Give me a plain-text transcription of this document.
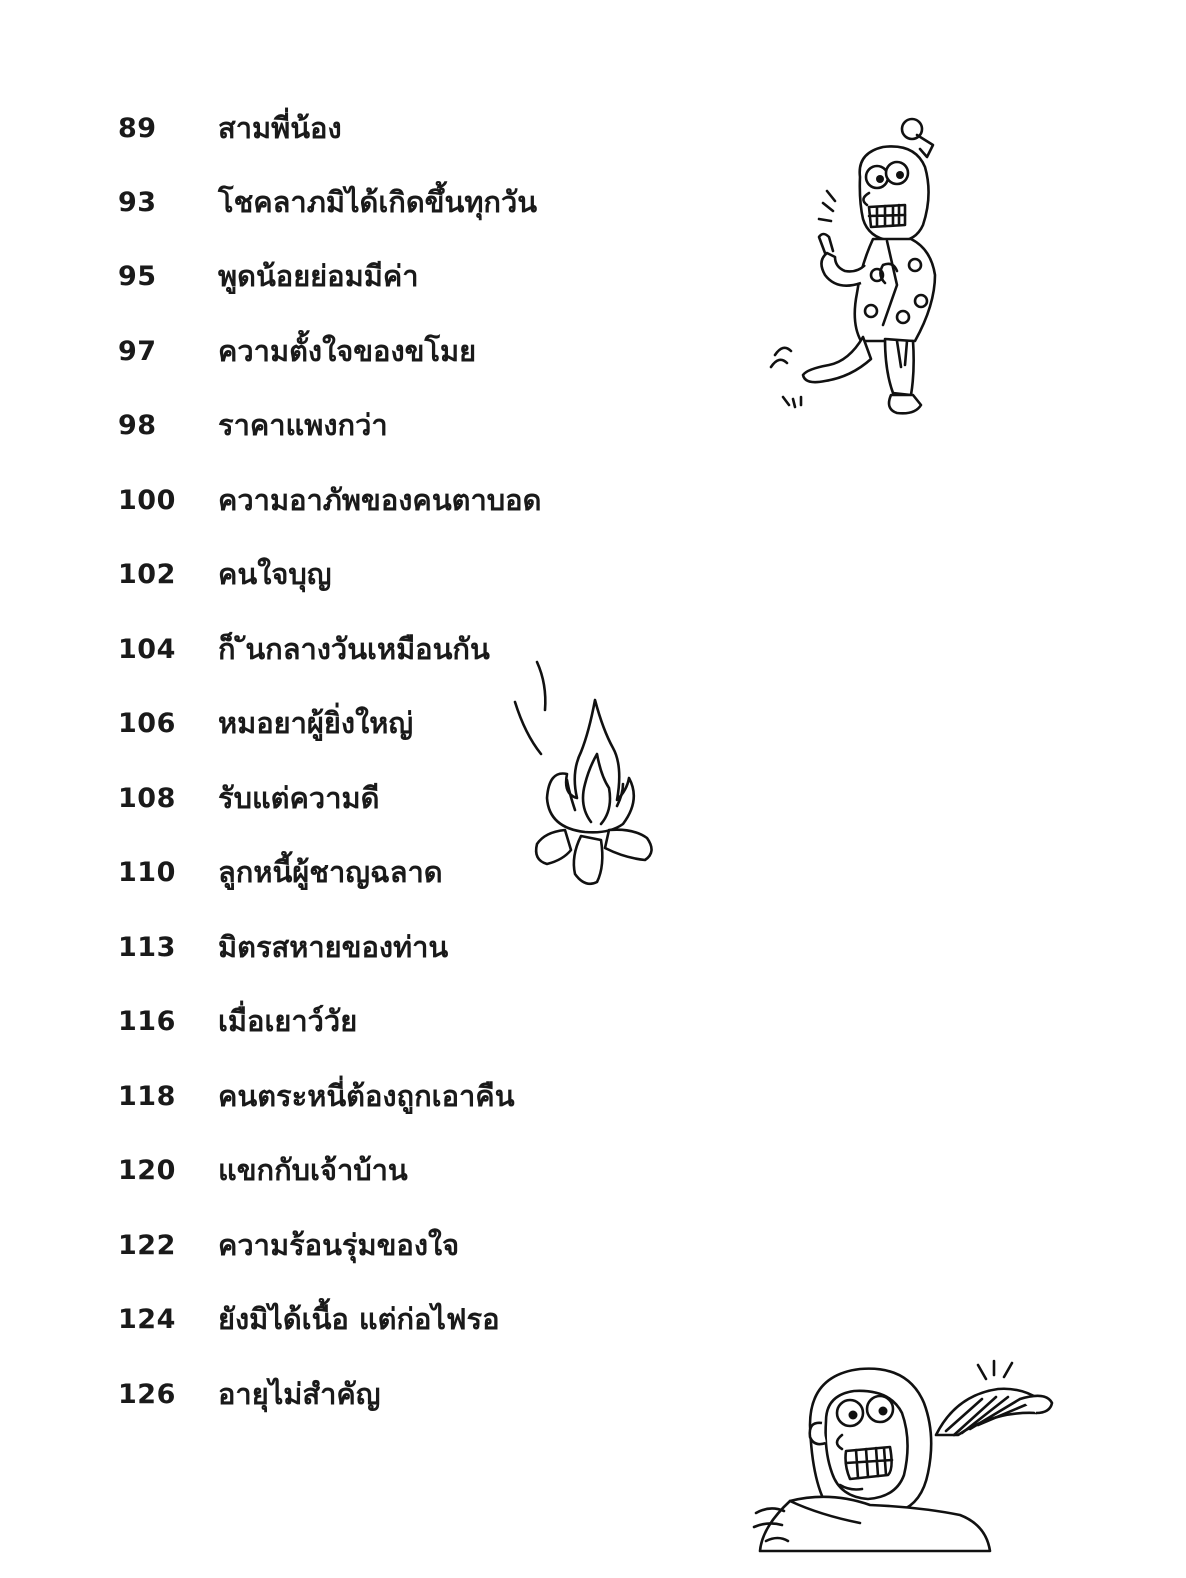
89	สามพี่น้อง
93	โชคลาภมิได้เกิดขึ้นทุกวัน
95	พูดน้อยย่อมมีค่า
97	ความตั้งใจของขโมย
98	ราคาแพงกว่า
100	ความอาภัพของคนตาบอด
102	คนใจบุญ
104	ก็ ันกลางวันเหมือนกัน
106	หมอยาผู้ยิ่งใหญ่
108	รับแต่ความดี
110	ลูกหนี้ผู้ชาญฉลาด
113	มิตรสหายของท่าน
116	เมื่อเยาว์วัย
118	คนตระหนี่ต้องถูกเอาคืน
120	แขกกับเจ้าบ้าน
122	ความร้อนรุ่มของใจ
124	ยังมิได้เนื้อ แต่ก่อไฟรอ
126	อายุไม่สำคัญ
